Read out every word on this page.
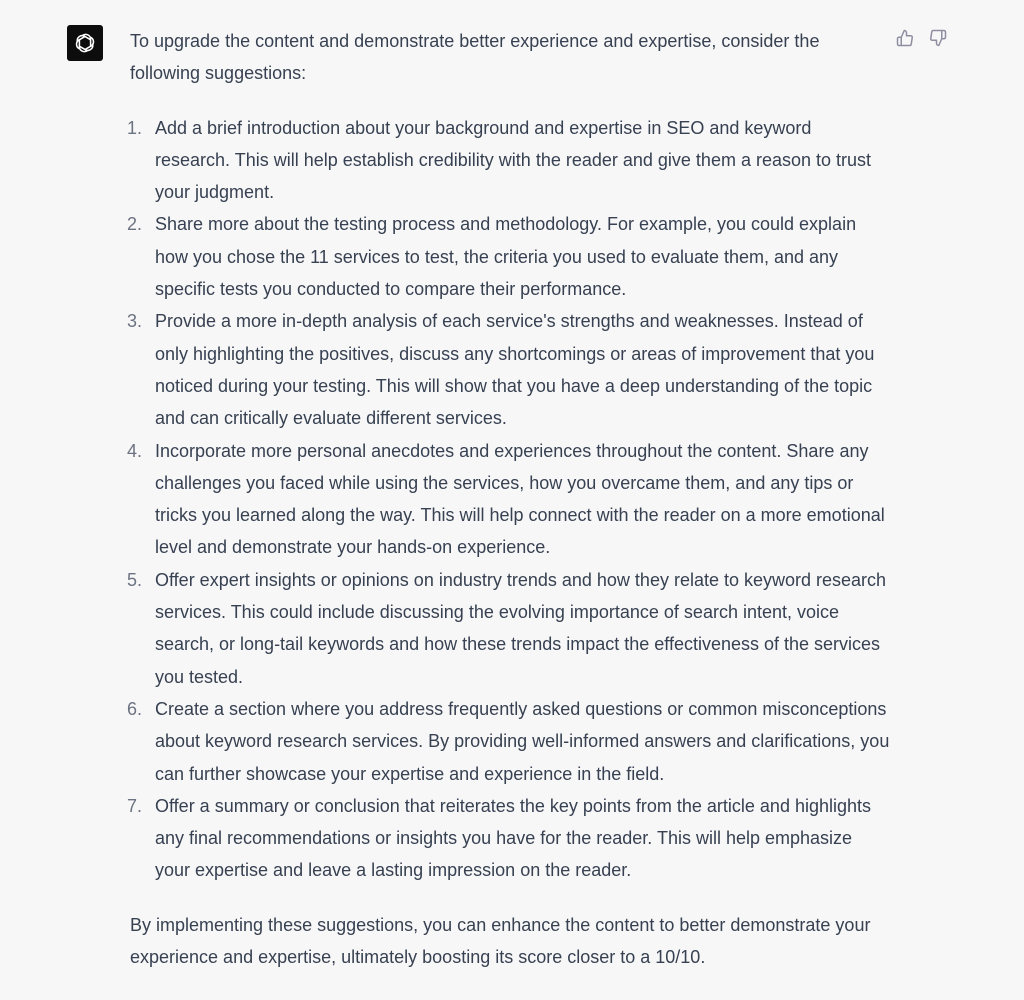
To upgrade the content and demonstrate better experience and expertise, consider the following suggestions:

1. Add a brief introduction about your background and expertise in SEO and keyword research. This will help establish credibility with the reader and give them a reason to trust your judgment.
2. Share more about the testing process and methodology. For example, you could explain how you chose the 11 services to test, the criteria you used to evaluate them, and any specific tests you conducted to compare their performance.
3. Provide a more in-depth analysis of each service's strengths and weaknesses. Instead of only highlighting the positives, discuss any shortcomings or areas of improvement that you noticed during your testing. This will show that you have a deep understanding of the topic and can critically evaluate different services.
4. Incorporate more personal anecdotes and experiences throughout the content. Share any challenges you faced while using the services, how you overcame them, and any tips or tricks you learned along the way. This will help connect with the reader on a more emotional level and demonstrate your hands-on experience.
5. Offer expert insights or opinions on industry trends and how they relate to keyword research services. This could include discussing the evolving importance of search intent, voice search, or long-tail keywords and how these trends impact the effectiveness of the services you tested.
6. Create a section where you address frequently asked questions or common misconceptions about keyword research services. By providing well-informed answers and clarifications, you can further showcase your expertise and experience in the field.
7. Offer a summary or conclusion that reiterates the key points from the article and highlights any final recommendations or insights you have for the reader. This will help emphasize your expertise and leave a lasting impression on the reader.

By implementing these suggestions, you can enhance the content to better demonstrate your experience and expertise, ultimately boosting its score closer to a 10/10.
